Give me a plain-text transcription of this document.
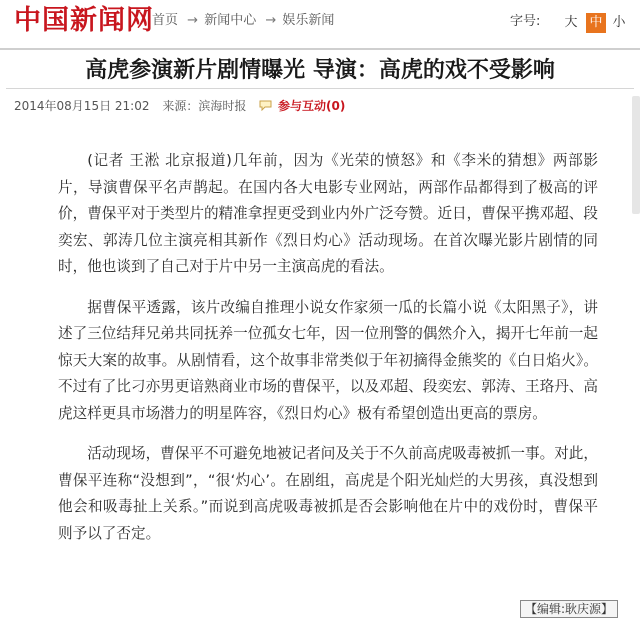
中国新闻网
首页 → 新闻中心 → 娱乐新闻	字号: 大 中 小
高虎参演新片剧情曝光 导演：高虎的戏不受影响
2014年08月15日 21:02 来源：滨海时报	参与互动(0)

(记者 王淞 北京报道)几年前，因为《光荣的愤怒》和《李米的猜想》两部影片，导演曹保平名声鹊起。在国内各大电影专业网站，两部作品都得到了极高的评价，曹保平对于类型片的精准拿捏更受到业内外广泛夸赞。近日，曹保平携邓超、段奕宏、郭涛几位主演亮相其新作《烈日灼心》活动现场。在首次曝光影片剧情的同时，他也谈到了自己对于片中另一主演高虎的看法。

据曹保平透露，该片改编自推理小说女作家须一瓜的长篇小说《太阳黑子》，讲述了三位结拜兄弟共同抚养一位孤女七年，因一位刑警的偶然介入，揭开七年前一起惊天大案的故事。从剧情看，这个故事非常类似于年初摘得金熊奖的《白日焰火》。不过有了比刁亦男更谙熟商业市场的曹保平，以及邓超、段奕宏、郭涛、王珞丹、高虎这样更具市场潜力的明星阵容，《烈日灼心》极有希望创造出更高的票房。

活动现场，曹保平不可避免地被记者问及关于不久前高虎吸毒被抓一事。对此，曹保平连称“没想到”，“很‘灼心’。在剧组，高虎是个阳光灿烂的大男孩，真没想到他会和吸毒扯上关系。”而说到高虎吸毒被抓是否会影响他在片中的戏份时，曹保平则予以了否定。

【编辑:耿庆源】
